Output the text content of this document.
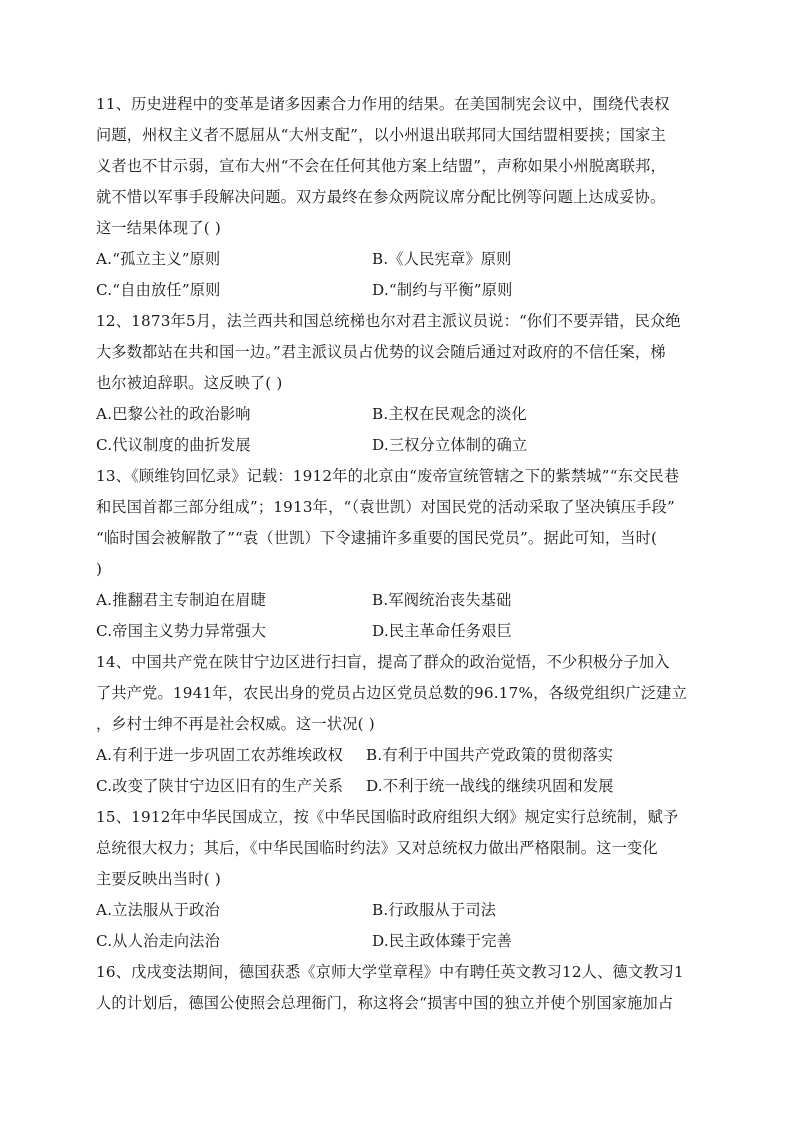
11、历史进程中的变革是诸多因素合力作用的结果。在美国制宪会议中，围绕代表权
问题，州权主义者不愿屈从“大州支配”，以小州退出联邦同大国结盟相要挟；国家主
义者也不甘示弱，宣布大州“不会在任何其他方案上结盟”，声称如果小州脱离联邦，
就不惜以军事手段解决问题。双方最终在参众两院议席分配比例等问题上达成妥协。
这一结果体现了( )
A.“孤立主义”原则	B.《人民宪章》原则
C.“自由放任”原则	D.“制约与平衡”原则
12、1873年5月，法兰西共和国总统梯也尔对君主派议员说：“你们不要弄错，民众绝
大多数都站在共和国一边。”君主派议员占优势的议会随后通过对政府的不信任案，梯
也尔被迫辞职。这反映了( )
A.巴黎公社的政治影响	B.主权在民观念的淡化
C.代议制度的曲折发展	D.三权分立体制的确立
13、《顾维钧回忆录》记载：1912年的北京由“废帝宣统管辖之下的紫禁城”“东交民巷
和民国首都三部分组成”；1913年，“（袁世凯）对国民党的活动采取了坚决镇压手段”
“临时国会被解散了”“袁（世凯）下令逮捕许多重要的国民党员”。据此可知，当时(
)
A.推翻君主专制迫在眉睫	B.军阀统治丧失基础
C.帝国主义势力异常强大	D.民主革命任务艰巨
14、中国共产党在陕甘宁边区进行扫盲，提高了群众的政治觉悟，不少积极分子加入
了共产党。1941年，农民出身的党员占边区党员总数的96.17%，各级党组织广泛建立
，乡村士绅不再是社会权威。这一状况( )
A.有利于进一步巩固工农苏维埃政权 B.有利于中国共产党政策的贯彻落实
C.改变了陕甘宁边区旧有的生产关系 D.不利于统一战线的继续巩固和发展
15、1912年中华民国成立，按《中华民国临时政府组织大纲》规定实行总统制，赋予
总统很大权力；其后，《中华民国临时约法》又对总统权力做出严格限制。这一变化
主要反映出当时( )
A.立法服从于政治	B.行政服从于司法
C.从人治走向法治	D.民主政体臻于完善
16、戊戌变法期间，德国获悉《京师大学堂章程》中有聘任英文教习12人、德文教习1
人的计划后，德国公使照会总理衙门，称这将会“损害中国的独立并使个别国家施加占
